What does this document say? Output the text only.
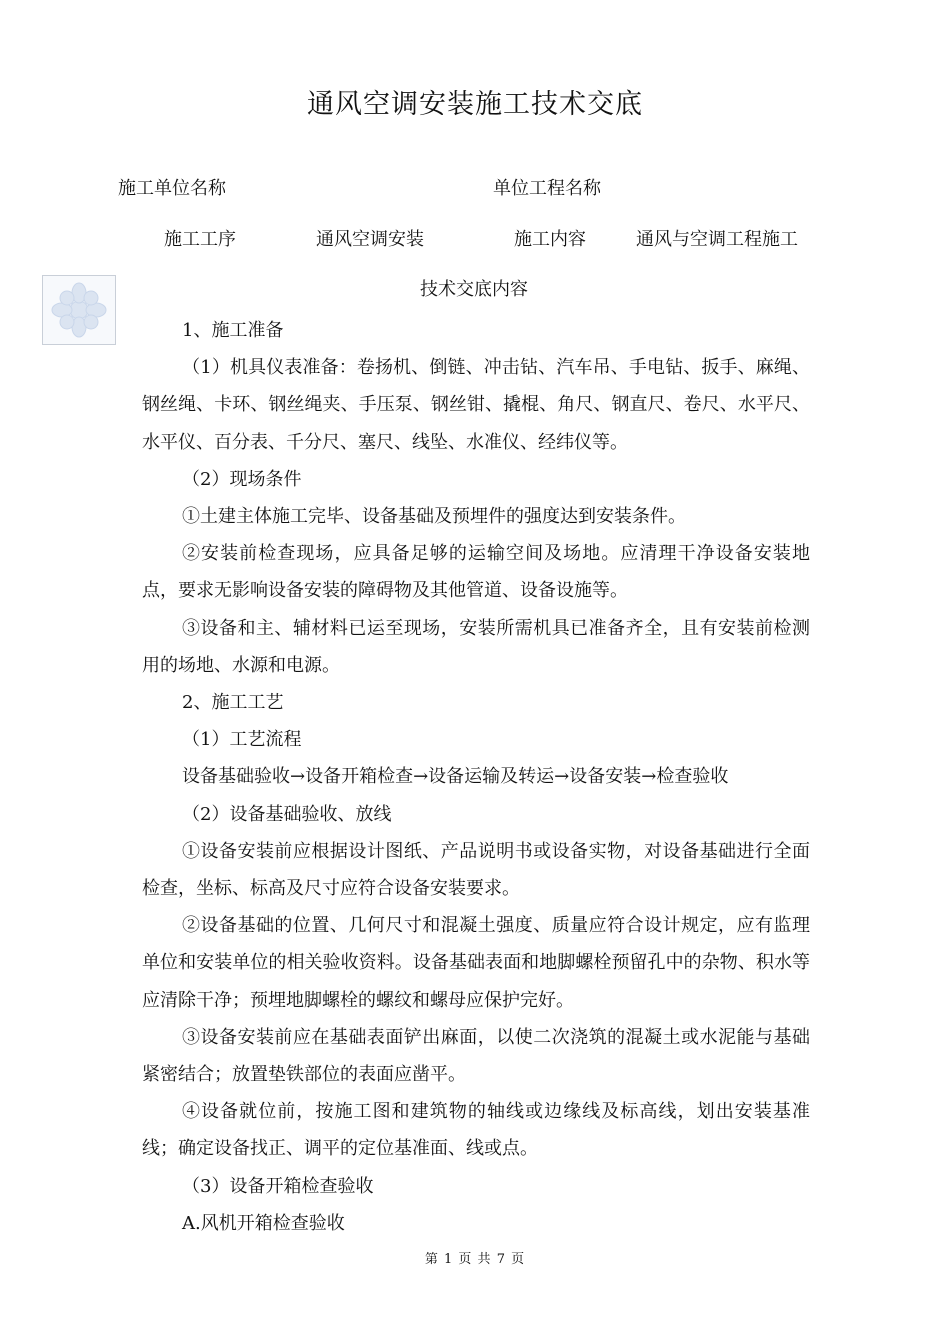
通风空调安装施工技术交底
施工单位名称	单位工程名称
施工工序	通风空调安装	施工内容	通风与空调工程施工
技术交底内容

1、施工准备

（1）机具仪表准备：卷扬机、倒链、冲击钻、汽车吊、手电钻、扳手、麻绳、钢丝绳、卡环、钢丝绳夹、手压泵、钢丝钳、撬棍、角尺、钢直尺、卷尺、水平尺、水平仪、百分表、千分尺、塞尺、线坠、水准仪、经纬仪等。

（2）现场条件

①土建主体施工完毕、设备基础及预埋件的强度达到安装条件。

②安装前检查现场，应具备足够的运输空间及场地。应清理干净设备安装地点，要求无影响设备安装的障碍物及其他管道、设备设施等。

③设备和主、辅材料已运至现场，安装所需机具已准备齐全，且有安装前检测用的场地、水源和电源。

2、施工工艺

（1）工艺流程

设备基础验收→设备开箱检查→设备运输及转运→设备安装→检查验收

（2）设备基础验收、放线

①设备安装前应根据设计图纸、产品说明书或设备实物，对设备基础进行全面检查，坐标、标高及尺寸应符合设备安装要求。

②设备基础的位置、几何尺寸和混凝土强度、质量应符合设计规定，应有监理单位和安装单位的相关验收资料。设备基础表面和地脚螺栓预留孔中的杂物、积水等应清除干净；预埋地脚螺栓的螺纹和螺母应保护完好。

③设备安装前应在基础表面铲出麻面，以使二次浇筑的混凝土或水泥能与基础紧密结合；放置垫铁部位的表面应凿平。

④设备就位前，按施工图和建筑物的轴线或边缘线及标高线，划出安装基准线；确定设备找正、调平的定位基准面、线或点。

（3）设备开箱检查验收

A.风机开箱检查验收

第 1 页 共 7 页
